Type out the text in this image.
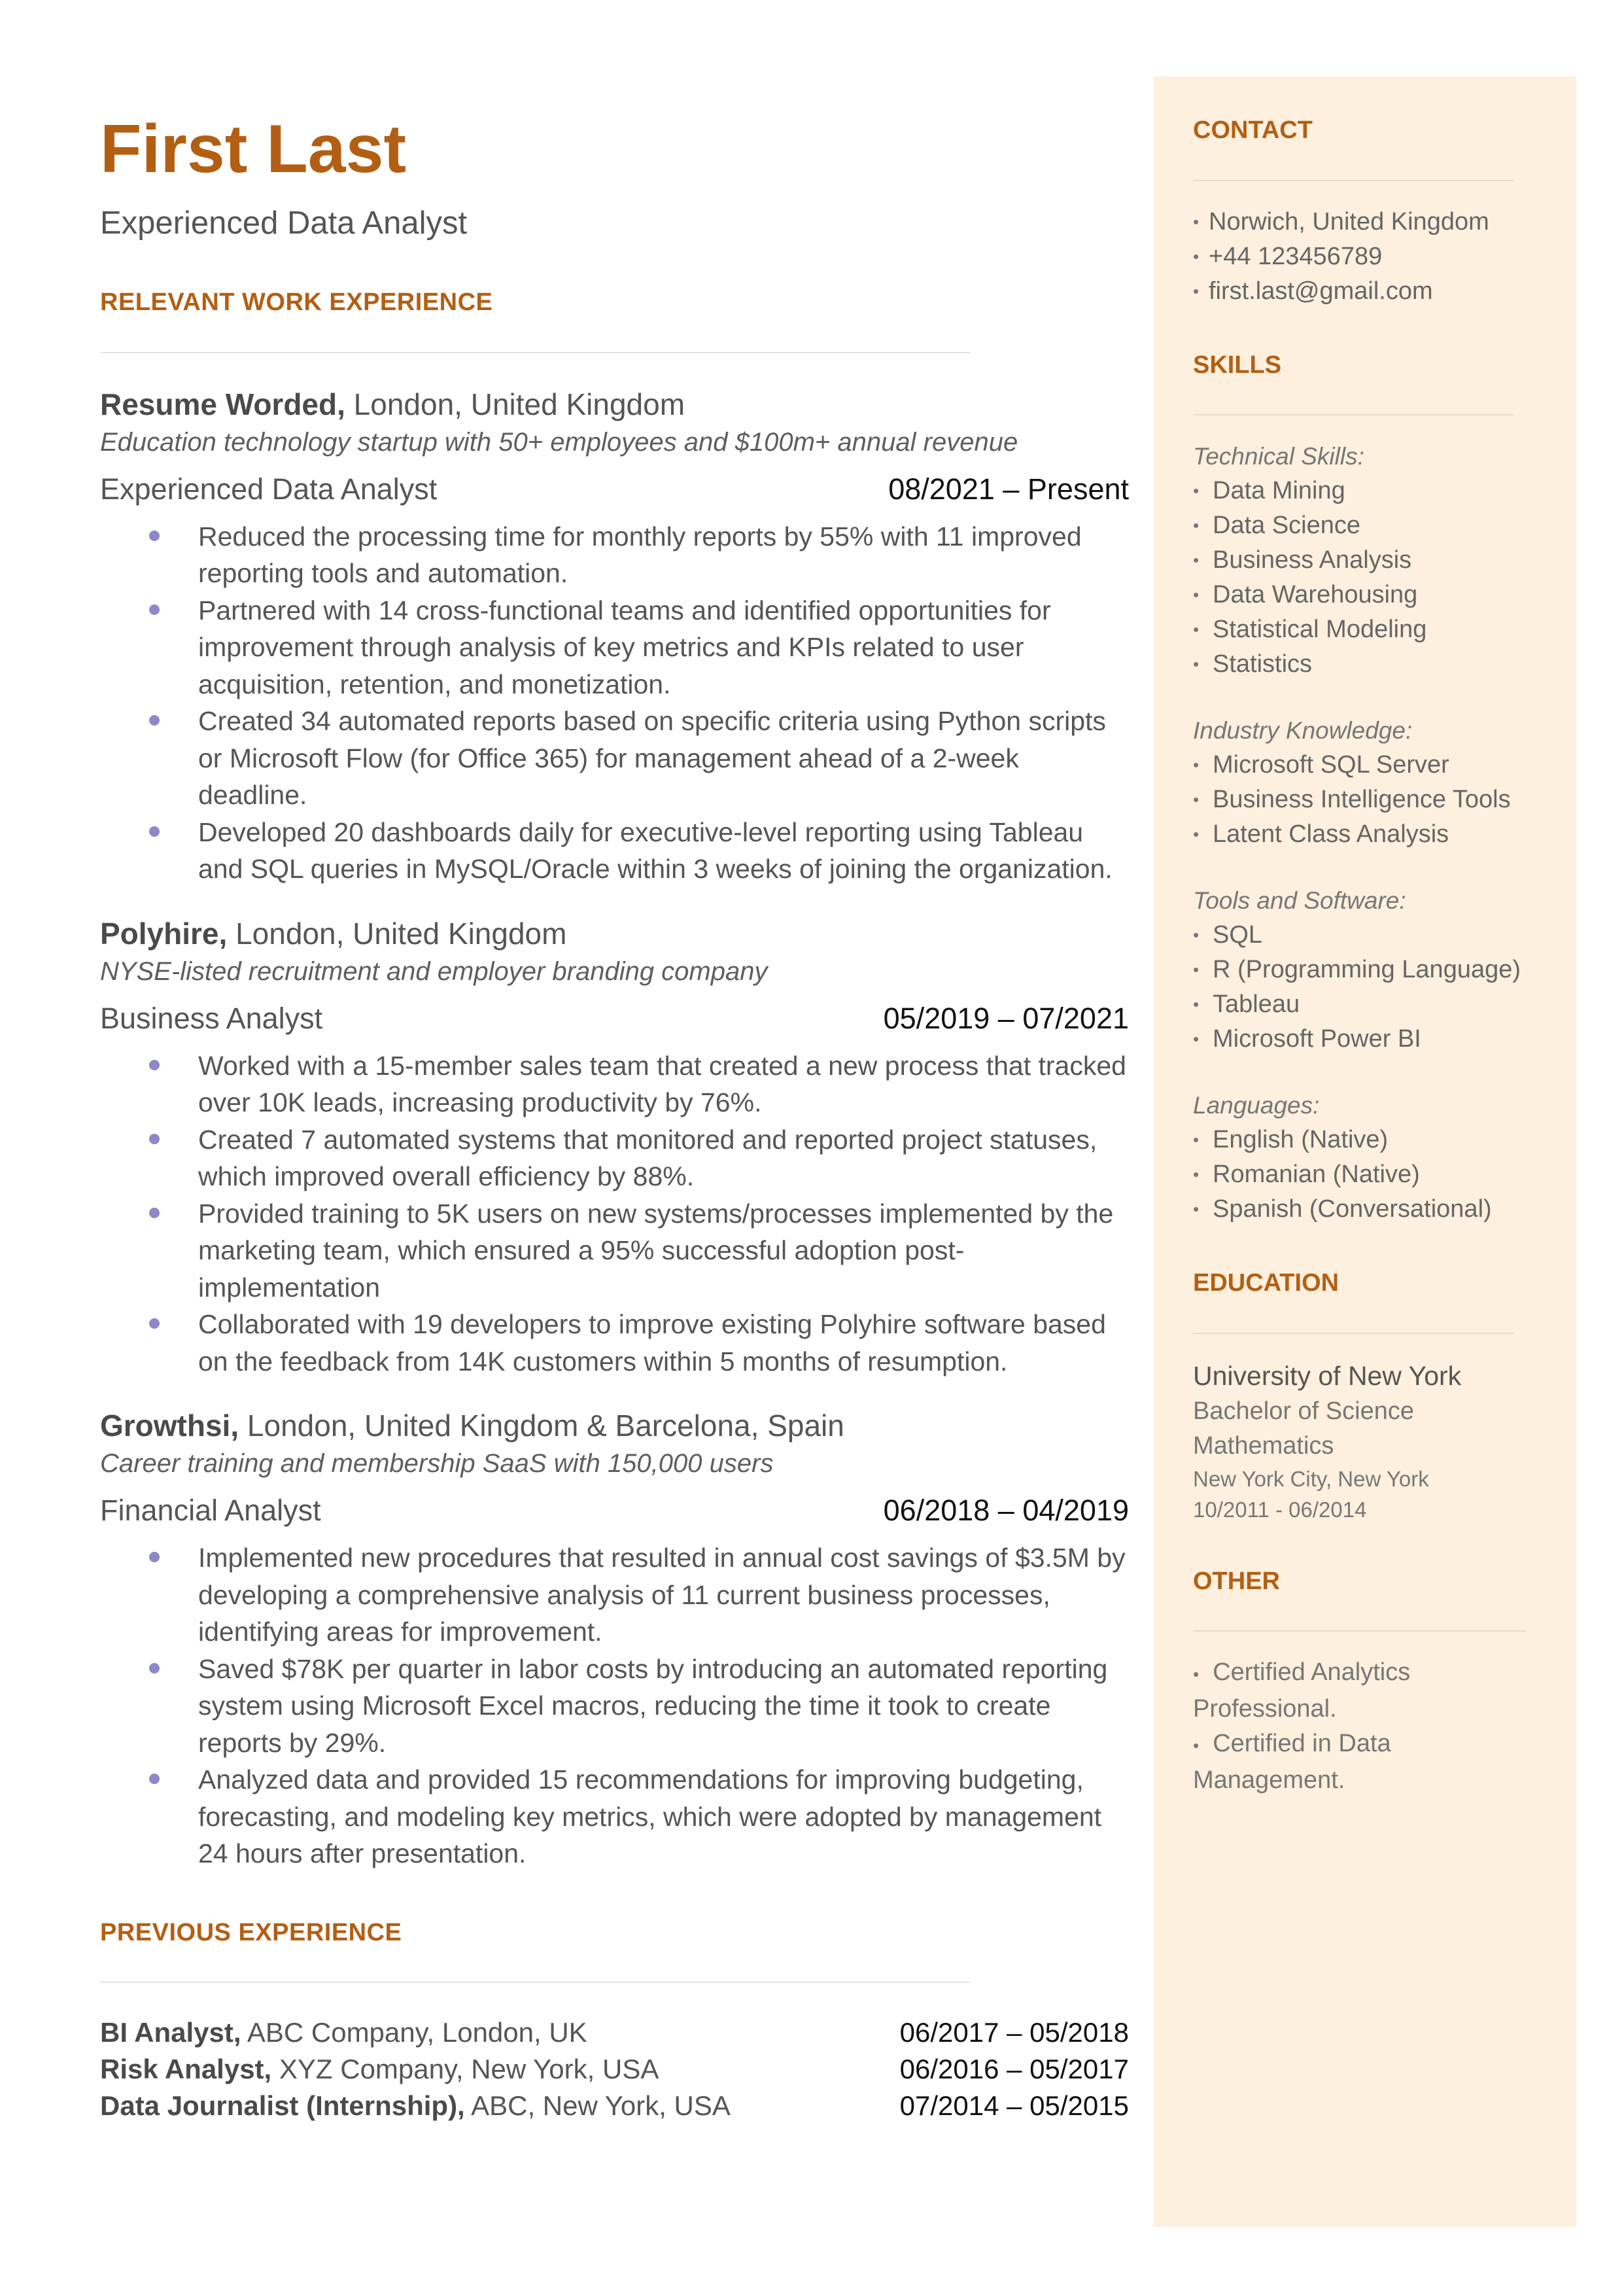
First Last
Experienced Data Analyst
RELEVANT WORK EXPERIENCE
Resume Worded, London, United Kingdom
Education technology startup with 50+ employees and $100m+ annual revenue
Experienced Data Analyst	08/2021 – Present
Reduced the processing time for monthly reports by 55% with 11 improved reporting tools and automation.
Partnered with 14 cross-functional teams and identified opportunities for improvement through analysis of key metrics and KPIs related to user acquisition, retention, and monetization.
Created 34 automated reports based on specific criteria using Python scripts or Microsoft Flow (for Office 365) for management ahead of a 2-week deadline.
Developed 20 dashboards daily for executive-level reporting using Tableau and SQL queries in MySQL/Oracle within 3 weeks of joining the organization.
Polyhire, London, United Kingdom
NYSE-listed recruitment and employer branding company
Business Analyst	05/2019 – 07/2021
Worked with a 15-member sales team that created a new process that tracked over 10K leads, increasing productivity by 76%.
Created 7 automated systems that monitored and reported project statuses, which improved overall efficiency by 88%.
Provided training to 5K users on new systems/processes implemented by the marketing team, which ensured a 95% successful adoption post-implementation
Collaborated with 19 developers to improve existing Polyhire software based on the feedback from 14K customers within 5 months of resumption.
Growthsi, London, United Kingdom & Barcelona, Spain
Career training and membership SaaS with 150,000 users
Financial Analyst	06/2018 – 04/2019
Implemented new procedures that resulted in annual cost savings of $3.5M by developing a comprehensive analysis of 11 current business processes, identifying areas for improvement.
Saved $78K per quarter in labor costs by introducing an automated reporting system using Microsoft Excel macros, reducing the time it took to create reports by 29%.
Analyzed data and provided 15 recommendations for improving budgeting, forecasting, and modeling key metrics, which were adopted by management 24 hours after presentation.
PREVIOUS EXPERIENCE
BI Analyst, ABC Company, London, UK	06/2017 – 05/2018
Risk Analyst, XYZ Company, New York, USA	06/2016 – 05/2017
Data Journalist (Internship), ABC, New York, USA	07/2014 – 05/2015
CONTACT
• Norwich, United Kingdom
• +44 123456789
• first.last@gmail.com
SKILLS
Technical Skills:
• Data Mining
• Data Science
• Business Analysis
• Data Warehousing
• Statistical Modeling
• Statistics
Industry Knowledge:
• Microsoft SQL Server
• Business Intelligence Tools
• Latent Class Analysis
Tools and Software:
• SQL
• R (Programming Language)
• Tableau
• Microsoft Power BI
Languages:
• English (Native)
• Romanian (Native)
• Spanish (Conversational)
EDUCATION
University of New York
Bachelor of Science
Mathematics
New York City, New York
10/2011 - 06/2014
OTHER
• Certified Analytics Professional.
• Certified in Data Management.
